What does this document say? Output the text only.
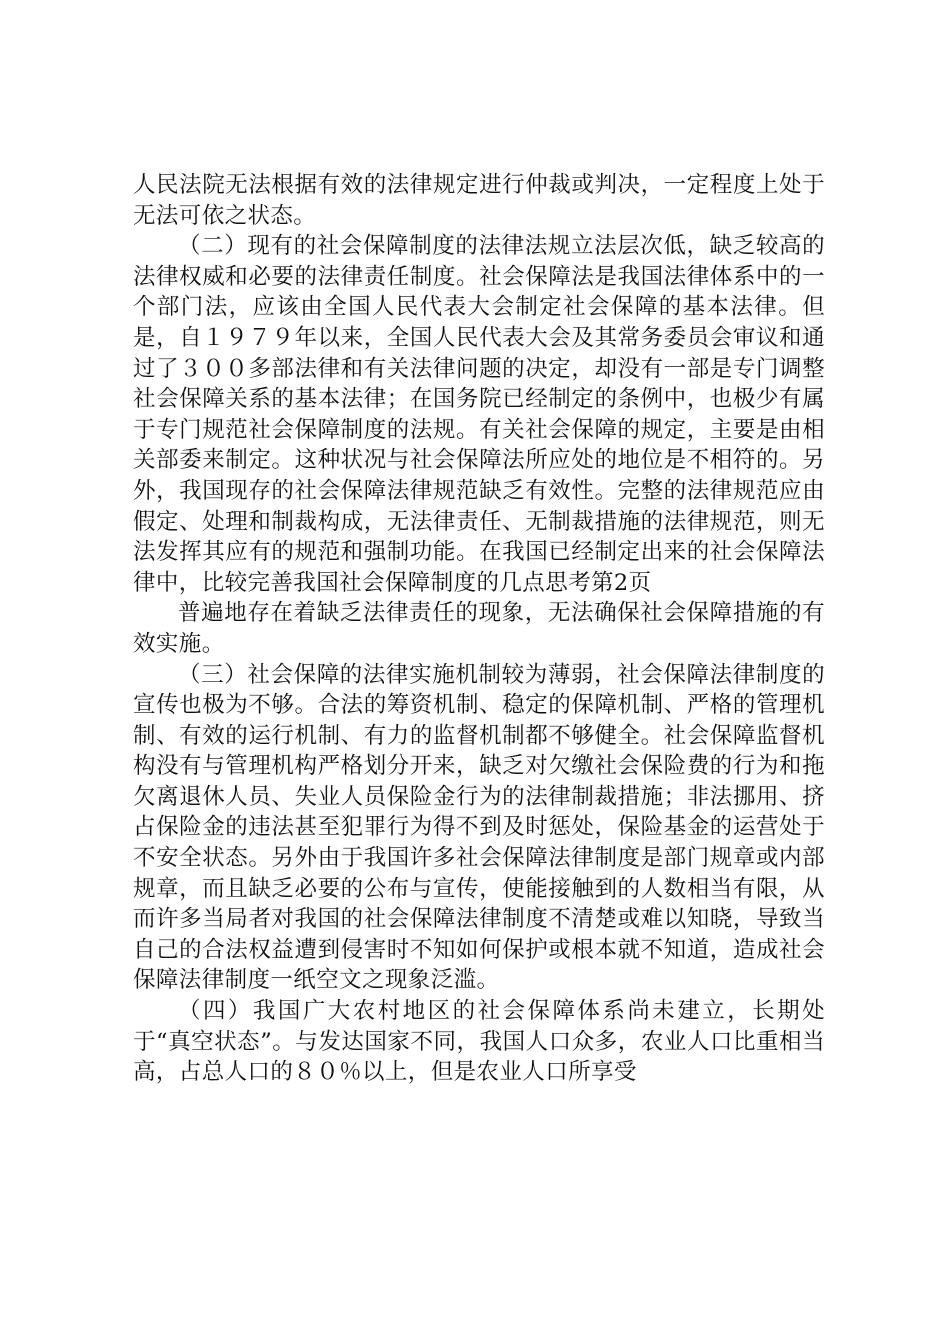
人民法院无法根据有效的法律规定进行仲裁或判决，一定程度上处于无法可依之状态。

（二）现有的社会保障制度的法律法规立法层次低，缺乏较高的法律权威和必要的法律责任制度。社会保障法是我国法律体系中的一个部门法，应该由全国人民代表大会制定社会保障的基本法律。但是，自１９７９年以来，全国人民代表大会及其常务委员会审议和通过了３００多部法律和有关法律问题的决定，却没有一部是专门调整社会保障关系的基本法律；在国务院已经制定的条例中，也极少有属于专门规范社会保障制度的法规。有关社会保障的规定，主要是由相关部委来制定。这种状况与社会保障法所应处的地位是不相符的。另外，我国现存的社会保障法律规范缺乏有效性。完整的法律规范应由假定、处理和制裁构成，无法律责任、无制裁措施的法律规范，则无法发挥其应有的规范和强制功能。在我国已经制定出来的社会保障法律中，比较完善我国社会保障制度的几点思考第2页

普遍地存在着缺乏法律责任的现象，无法确保社会保障措施的有效实施。

（三）社会保障的法律实施机制较为薄弱，社会保障法律制度的宣传也极为不够。合法的筹资机制、稳定的保障机制、严格的管理机制、有效的运行机制、有力的监督机制都不够健全。社会保障监督机构没有与管理机构严格划分开来，缺乏对欠缴社会保险费的行为和拖欠离退休人员、失业人员保险金行为的法律制裁措施；非法挪用、挤占保险金的违法甚至犯罪行为得不到及时惩处，保险基金的运营处于不安全状态。另外由于我国许多社会保障法律制度是部门规章或内部规章，而且缺乏必要的公布与宣传，使能接触到的人数相当有限，从而许多当局者对我国的社会保障法律制度不清楚或难以知晓，导致当自己的合法权益遭到侵害时不知如何保护或根本就不知道，造成社会保障法律制度一纸空文之现象泛滥。

（四）我国广大农村地区的社会保障体系尚未建立，长期处于“真空状态”。与发达国家不同，我国人口众多，农业人口比重相当高，占总人口的８０％以上，但是农业人口所享受
